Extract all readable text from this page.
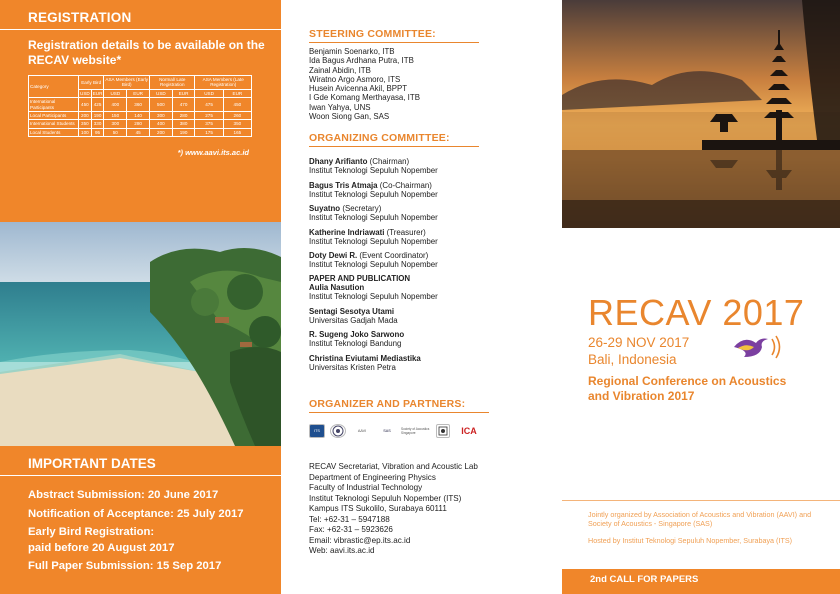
REGISTRATION
Registration details to be available on the RECAV website*
Category	Early Bird		ASA Members (Early Bird)		Normal/ Late Registration		ASA Members (Late Registration)	
	USD	EUR	USD	EUR	USD	EUR	USD	EUR
International Participants	450	425	400	360	500	470	475	450
Local Participants	200	190	150	140	300	280	275	260
International Students	350	330	300	280	400	380	375	350
Local Students	100	95	50	45	200	190	175	165
*) www.aavi.its.ac.id
IMPORTANT DATES
Abstract Submission: 20 June 2017
Notification of Acceptance: 25 July 2017
Early Bird Registration:
paid before 20 August 2017
Full Paper Submission: 15 Sep 2017
STEERING COMMITTEE:

Benjamin Soenarko, ITB

Ida Bagus Ardhana Putra, ITB

Zainal Abidin, ITB

Wiratno Argo Asmoro, ITS

Husein Avicenna Akil, BPPT

I Gde Komang Merthayasa, ITB

Iwan Yahya, UNS

Woon Siong Gan, SAS

ORGANIZING COMMITTEE:
Dhany Arifianto (Chairman)
Institut Teknologi Sepuluh Nopember
Bagus Tris Atmaja (Co-Chairman)
Institut Teknologi Sepuluh Nopember
Suyatno (Secretary)
Institut Teknologi Sepuluh Nopember
Katherine Indriawati (Treasurer)
Institut Teknologi Sepuluh Nopember
Doty Dewi R. (Event Coordinator)
Institut Teknologi Sepuluh Nopember
PAPER AND PUBLICATION
Aulia Nasution
Institut Teknologi Sepuluh Nopember
Sentagi Sesotya Utami
Universitas Gadjah Mada
R. Sugeng Joko Sarwono
Institut Teknologi Bandung
Christina Eviutami Mediastika
Universitas Kristen Petra
ORGANIZER AND PARTNERS:
ITS	AAVI	SAS	Society of Acoustics Singapore	ICA
RECAV Secretariat, Vibration and Acoustic Lab
Department of Engineering Physics
Faculty of Industrial Technology
Institut Teknologi Sepuluh Nopember (ITS)
Kampus ITS Sukolilo, Surabaya 60111
Tel: +62-31 – 5947188
Fax: +62-31 – 5923626
Email: vibrastic@ep.its.ac.id
Web: aavi.its.ac.id
RECAV 2017
26-29 NOV 2017
Bali, Indonesia
Regional Conference on Acoustics
and Vibration 2017

Jointly organized by Association of Acoustics and Vibration (AAVI) and Society of Acoustics - Singapore (SAS)

Hosted by Institut Teknologi Sepuluh Nopember, Surabaya (ITS)

2nd CALL FOR PAPERS
